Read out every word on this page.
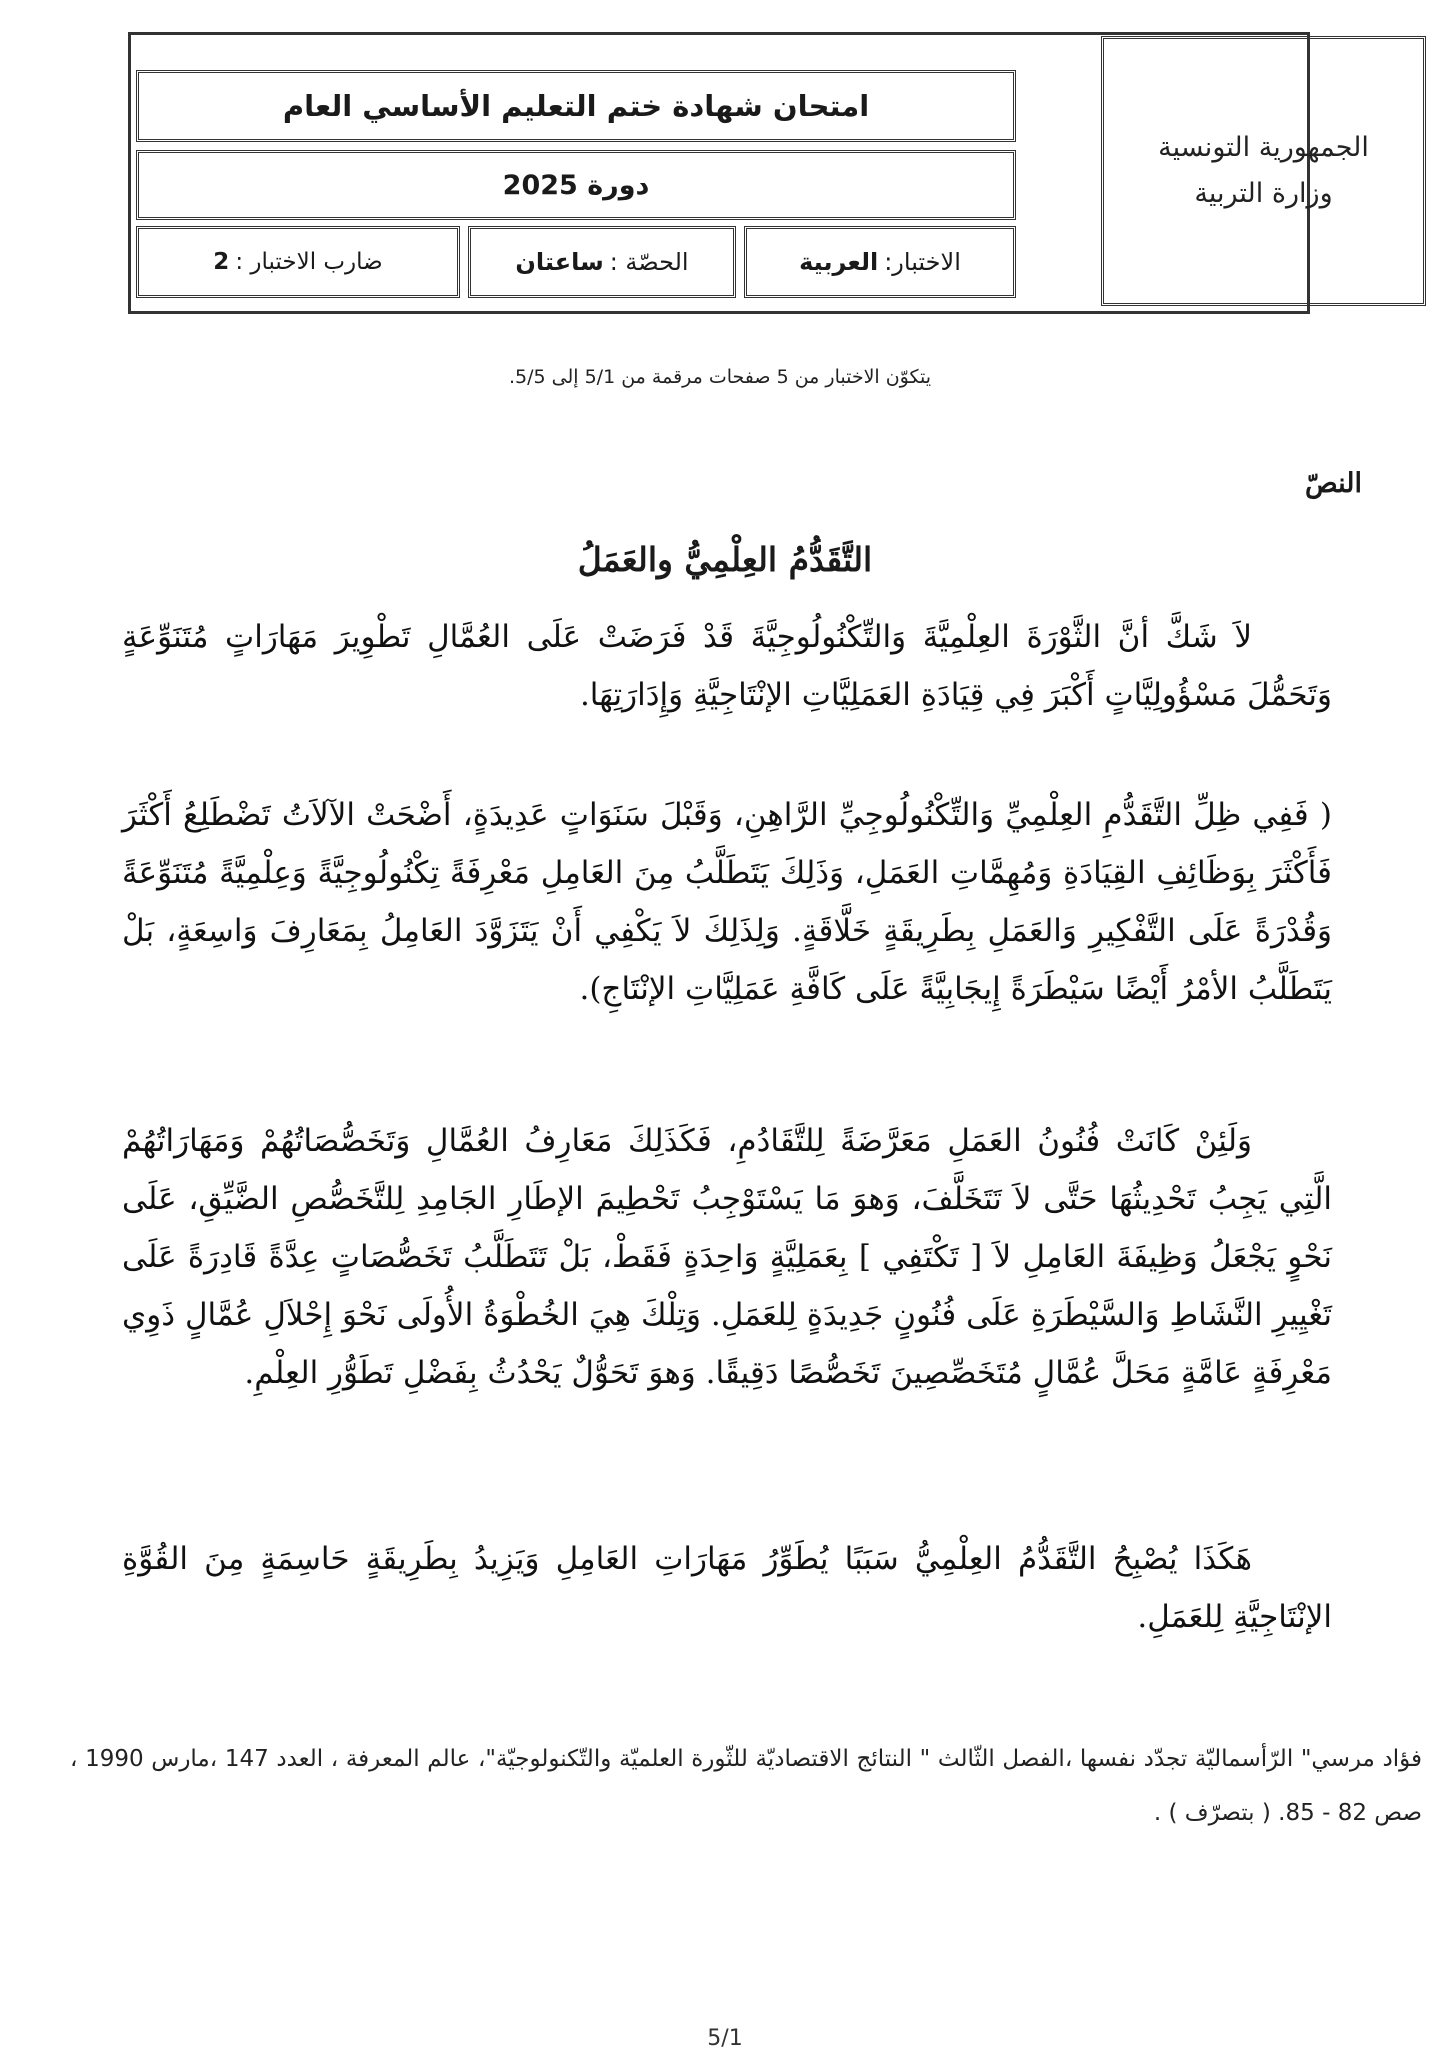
الجمهورية التونسية
وزارة التربية
امتحان شهادة ختم التعليم الأساسي العام
دورة 2025
الاختبار:
العربية
الحصّة :
ساعتان
ضارب الاختبار :
2
يتكوّن الاختبار من 5 صفحات مرقمة من 5/1 إلى 5/5.
النصّ
التَّقَدُّمُ العِلْمِيُّ والعَمَلُ

لاَ شَكَّ أنَّ الثَّوْرَةَ العِلْمِيَّةَ وَالتِّكْنُولُوجِيَّةَ قَدْ فَرَضَتْ عَلَى العُمَّالِ تَطْوِيرَ مَهَارَاتٍ مُتَنَوِّعَةٍ وَتَحَمُّلَ مَسْؤُولِيَّاتٍ أَكْبَرَ فِي قِيَادَةِ العَمَلِيَّاتِ الإنْتَاجِيَّةِ وَإِدَارَتِهَا.

( فَفِي ظِلِّ التَّقَدُّمِ العِلْمِيِّ وَالتِّكْنُولُوجِيِّ الرَّاهِنِ، وَقَبْلَ سَنَوَاتٍ عَدِيدَةٍ، أَضْحَتْ الآلاَتُ تَضْطَلِعُ أَكْثَرَ فَأَكْثَرَ بِوَظَائِفِ القِيَادَةِ وَمُهِمَّاتِ العَمَلِ، وَذَلِكَ يَتَطَلَّبُ مِنَ العَامِلِ مَعْرِفَةً تِكْنُولُوجِيَّةً وَعِلْمِيَّةً مُتَنَوِّعَةً وَقُدْرَةً عَلَى التَّفْكِيرِ وَالعَمَلِ بِطَرِيقَةٍ خَلَّاقَةٍ. وَلِذَلِكَ لاَ يَكْفِي أَنْ يَتَزَوَّدَ العَامِلُ بِمَعَارِفَ وَاسِعَةٍ، بَلْ يَتَطَلَّبُ الأمْرُ أَيْضًا سَيْطَرَةً إِيجَابِيَّةً عَلَى كَافَّةِ عَمَلِيَّاتِ الإنْتَاجِ).

وَلَئِنْ كَانَتْ فُنُونُ العَمَلِ مَعَرَّضَةً لِلتَّقَادُمِ، فَكَذَلِكَ مَعَارِفُ العُمَّالِ وَتَخَصُّصَاتُهُمْ وَمَهَارَاتُهُمْ الَّتِي يَجِبُ تَحْدِيثُهَا حَتَّى لاَ تَتَخَلَّفَ، وَهوَ مَا يَسْتَوْجِبُ تَحْطِيمَ الإطَارِ الجَامِدِ لِلتَّخَصُّصِ الضَّيِّقِ، عَلَى نَحْوٍ يَجْعَلُ وَظِيفَةَ العَامِلِ لاَ [ تَكْتَفِي ] بِعَمَلِيَّةٍ وَاحِدَةٍ فَقَطْ، بَلْ تَتَطَلَّبُ تَخَصُّصَاتٍ عِدَّةً قَادِرَةً عَلَى تَغْيِيرِ النَّشَاطِ وَالسَّيْطَرَةِ عَلَى فُنُونٍ جَدِيدَةٍ لِلعَمَلِ. وَتِلْكَ هِيَ الخُطْوَةُ الأُولَى نَحْوَ إِحْلاَلِ عُمَّالٍ ذَوِي مَعْرِفَةٍ عَامَّةٍ مَحَلَّ عُمَّالٍ مُتَخَصِّصِينَ تَخَصُّصًا دَقِيقًا. وَهوَ تَحَوُّلٌ يَحْدُثُ بِفَضْلِ تَطَوُّرِ العِلْمِ.

هَكَذَا يُصْبِحُ التَّقَدُّمُ العِلْمِيُّ سَبَبًا يُطَوِّرُ مَهَارَاتِ العَامِلِ وَيَزِيدُ بِطَرِيقَةٍ حَاسِمَةٍ مِنَ القُوَّةِ الإنْتَاجِيَّةِ لِلعَمَلِ.

فؤاد مرسي" الرّأسماليّة تجدّد نفسها ،الفصل الثّالث " النتائج الاقتصاديّة للثّورة العلميّة والتّكنولوجيّة"، عالم المعرفة ، العدد 147 ،مارس 1990 ، صص 82 - 85. ( بتصرّف ) .

5/1
